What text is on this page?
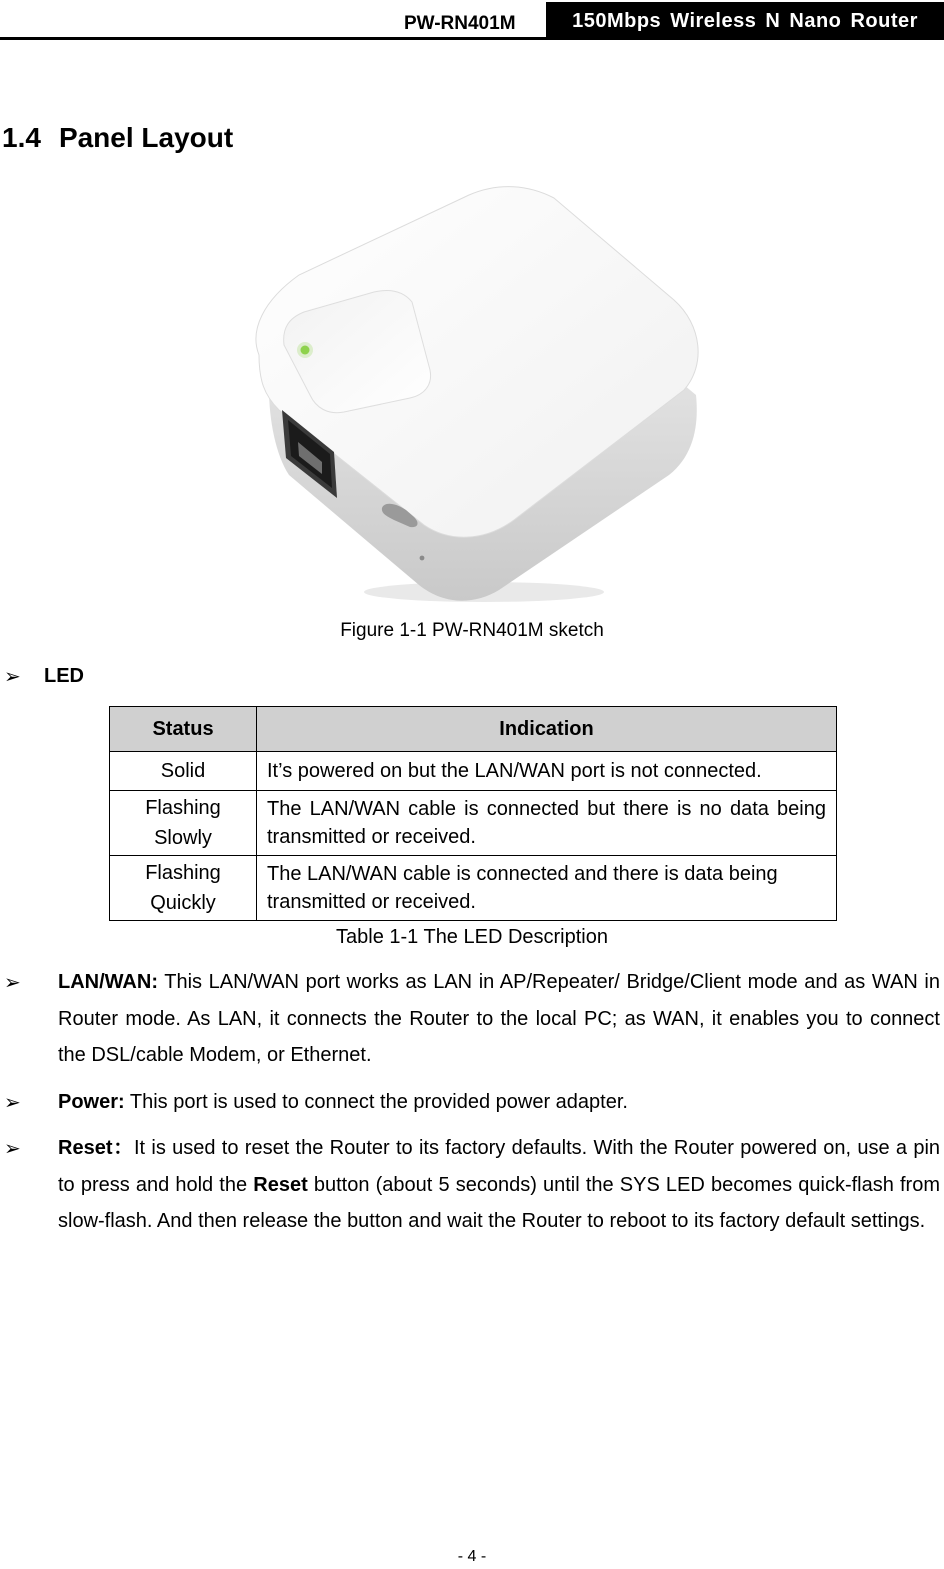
PW-RN401M	150Mbps Wireless N Nano Router
1.4 Panel Layout
Figure 1-1 PW-RN401M sketch
➢ LED
Status	Indication
Solid	It’s powered on but the LAN/WAN port is not connected.
Flashing Slowly	The LAN/WAN cable is connected but there is no data being transmitted or received.
Flashing Quickly	The LAN/WAN cable is connected and there is data being transmitted or received.
Table 1-1 The LED Description
➢ LAN/WAN: This LAN/WAN port works as LAN in AP/Repeater/ Bridge/Client mode and as WAN in Router mode. As LAN, it connects the Router to the local PC; as WAN, it enables you to connect the DSL/cable Modem, or Ethernet.

➢ Power: This port is used to connect the provided power adapter.

➢ Reset：It is used to reset the Router to its factory defaults. With the Router powered on, use a pin to press and hold the Reset button (about 5 seconds) until the SYS LED becomes quick-flash from slow-flash. And then release the button and wait the Router to reboot to its factory default settings.

- 4 -
